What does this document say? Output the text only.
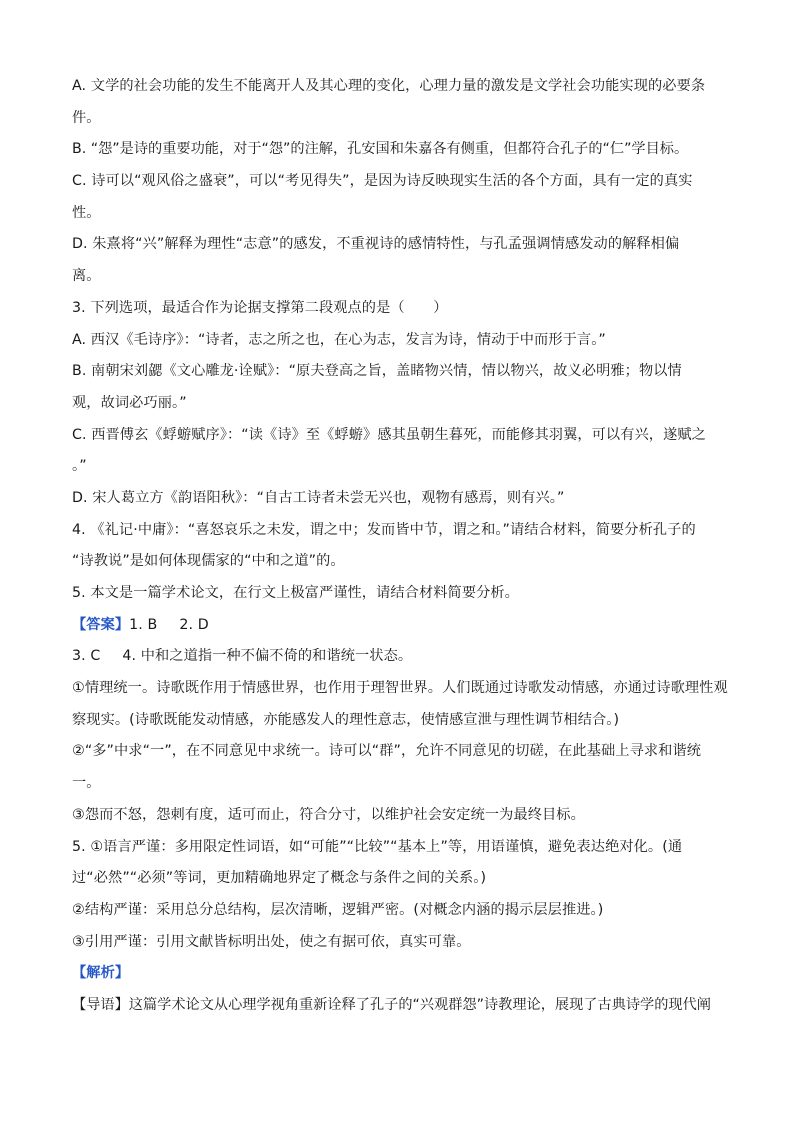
A. 文学的社会功能的发生不能离开人及其心理的变化，心理力量的激发是文学社会功能实现的必要条
件。
B. “怨”是诗的重要功能，对于“怨”的注解，孔安国和朱嘉各有侧重，但都符合孔子的“仁”学目标。
C. 诗可以“观风俗之盛衰”，可以“考见得失”，是因为诗反映现实生活的各个方面，具有一定的真实
性。
D. 朱熹将“兴”解释为理性“志意”的感发，不重视诗的感情特性，与孔孟强调情感发动的解释相偏
离。
3. 下列选项，最适合作为论据支撑第二段观点的是（　　）
A. 西汉《毛诗序》：“诗者，志之所之也，在心为志，发言为诗，情动于中而形于言。”
B. 南朝宋刘勰《文心雕龙·诠赋》：“原夫登高之旨，盖睹物兴情，情以物兴，故义必明雅；物以情
观，故词必巧丽。”
C. 西晋傅玄《蜉蝣赋序》：“读《诗》至《蜉蝣》感其虽朝生暮死，而能修其羽翼，可以有兴，遂赋之
。”
D. 宋人葛立方《韵语阳秋》：“自古工诗者未尝无兴也，观物有感焉，则有兴。”
4. 《礼记·中庸》：“喜怒哀乐之未发，谓之中；发而皆中节，谓之和。”请结合材料，简要分析孔子的
“诗教说”是如何体现儒家的“中和之道”的。
5. 本文是一篇学术论文，在行文上极富严谨性，请结合材料简要分析。
【答案】1. B 2. D
3. C 4. 中和之道指一种不偏不倚的和谐统一状态。
①情理统一。诗歌既作用于情感世界，也作用于理智世界。人们既通过诗歌发动情感，亦通过诗歌理性观
察现实。(诗歌既能发动情感，亦能感发人的理性意志，使情感宣泄与理性调节相结合。)
②“多”中求“一”，在不同意见中求统一。诗可以“群”，允许不同意见的切磋，在此基础上寻求和谐统
一。
③怨而不怒，怨刺有度，适可而止，符合分寸，以维护社会安定统一为最终目标。
5. ①语言严谨：多用限定性词语，如“可能”“比较”“基本上”等，用语谨慎，避免表达绝对化。(通
过“必然”“必须”等词，更加精确地界定了概念与条件之间的关系。)
②结构严谨：采用总分总结构，层次清晰，逻辑严密。(对概念内涵的揭示层层推进。)
③引用严谨：引用文献皆标明出处，使之有据可依，真实可靠。
【解析】
【导语】这篇学术论文从心理学视角重新诠释了孔子的“兴观群怨”诗教理论，展现了古典诗学的现代阐
